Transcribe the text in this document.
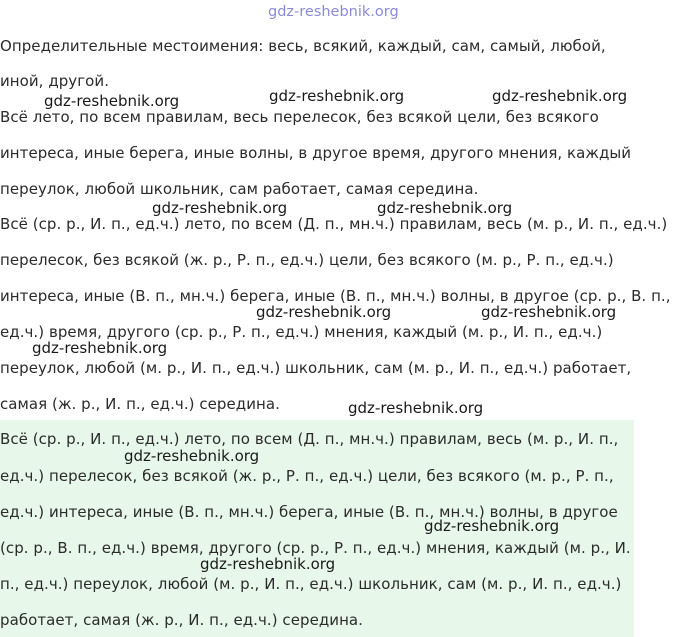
gdz-reshebnik.org
Определительные местоимения: весь, всякий, каждый, сам, самый, любой,
иной, другой.
Всё лето, по всем правилам, весь перелесок, без всякой цели, без всякого
интереса, иные берега, иные волны, в другое время, другого мнения, каждый
переулок, любой школьник, сам работает, самая середина.
Всё (ср. р., И. п., ед.ч.) лето, по всем (Д. п., мн.ч.) правилам, весь (м. р., И. п., ед.ч.)
перелесок, без всякой (ж. р., Р. п., ед.ч.) цели, без всякого (м. р., Р. п., ед.ч.)
интереса, иные (В. п., мн.ч.) берега, иные (В. п., мн.ч.) волны, в другое (ср. р., В. п.,
ед.ч.) время, другого (ср. р., Р. п., ед.ч.) мнения, каждый (м. р., И. п., ед.ч.)
переулок, любой (м. р., И. п., ед.ч.) школьник, сам (м. р., И. п., ед.ч.) работает,
самая (ж. р., И. п., ед.ч.) середина.
Всё (ср. р., И. п., ед.ч.) лето, по всем (Д. п., мн.ч.) правилам, весь (м. р., И. п.,
ед.ч.) перелесок, без всякой (ж. р., Р. п., ед.ч.) цели, без всякого (м. р., Р. п.,
ед.ч.) интереса, иные (В. п., мн.ч.) берега, иные (В. п., мн.ч.) волны, в другое
(ср. р., В. п., ед.ч.) время, другого (ср. р., Р. п., ед.ч.) мнения, каждый (м. р., И.
п., ед.ч.) переулок, любой (м. р., И. п., ед.ч.) школьник, сам (м. р., И. п., ед.ч.)
работает, самая (ж. р., И. п., ед.ч.) середина.
gdz-reshebnik.org	gdz-reshebnik.org	gdz-reshebnik.org
gdz-reshebnik.org	gdz-reshebnik.org
gdz-reshebnik.org	gdz-reshebnik.org
gdz-reshebnik.org
gdz-reshebnik.org
gdz-reshebnik.org
gdz-reshebnik.org
gdz-reshebnik.org
